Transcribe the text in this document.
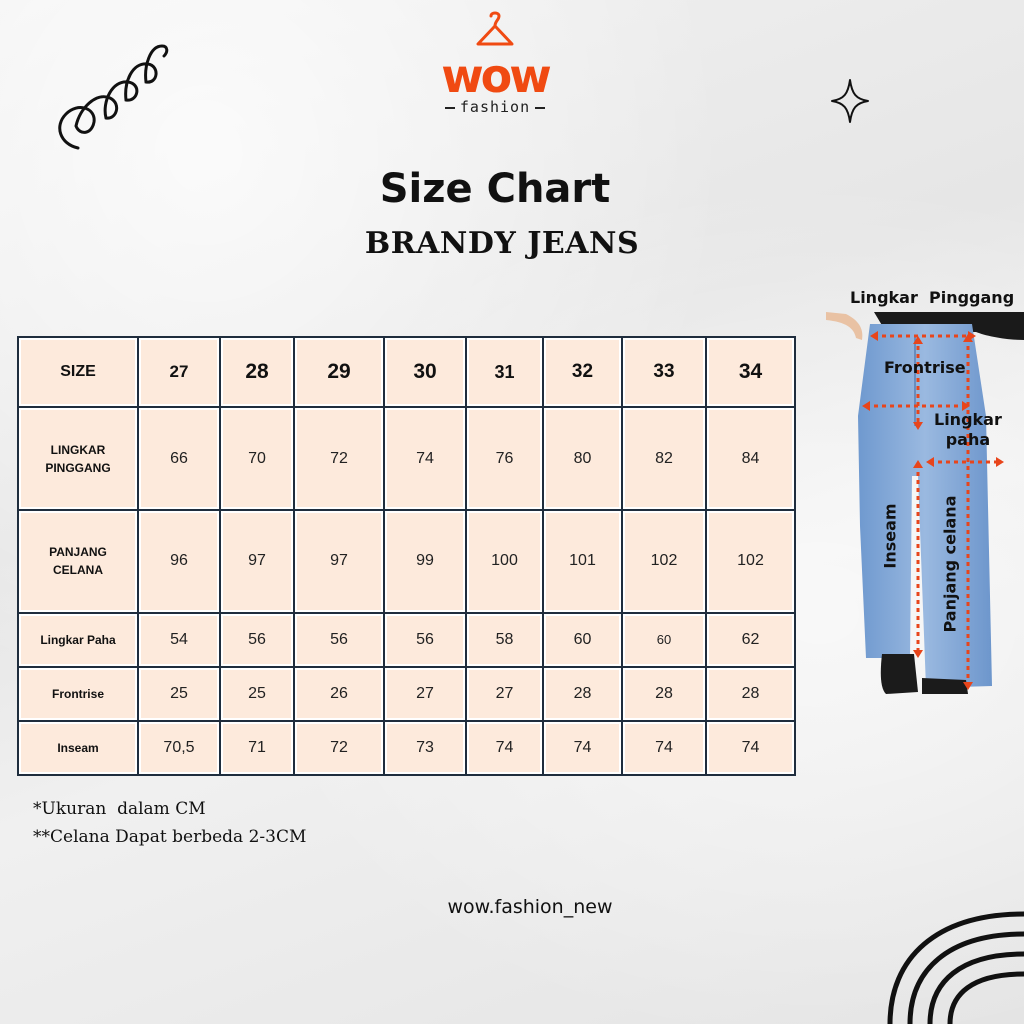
wow
fashion
Size Chart
BRANDY JEANS
SIZE	27	28	29	30	31	32	33	34

LINGKAR
PINGGANG	66	70	72	74	76	80	82	84

PANJANG
CELANA	96	97	97	99	100	101	102	102

Lingkar Paha	54	56	56	56	58	60	60	62

Frontrise	25	25	26	27	27	28	28	28

Inseam	70,5	71	72	73	74	74	74	74
*Ukuran  dalam CM
**Celana Dapat berbeda 2-3CM
wow.fashion_new
Lingkar  Pinggang
Frontrise
Lingkar
paha
Inseam	Panjang celana
